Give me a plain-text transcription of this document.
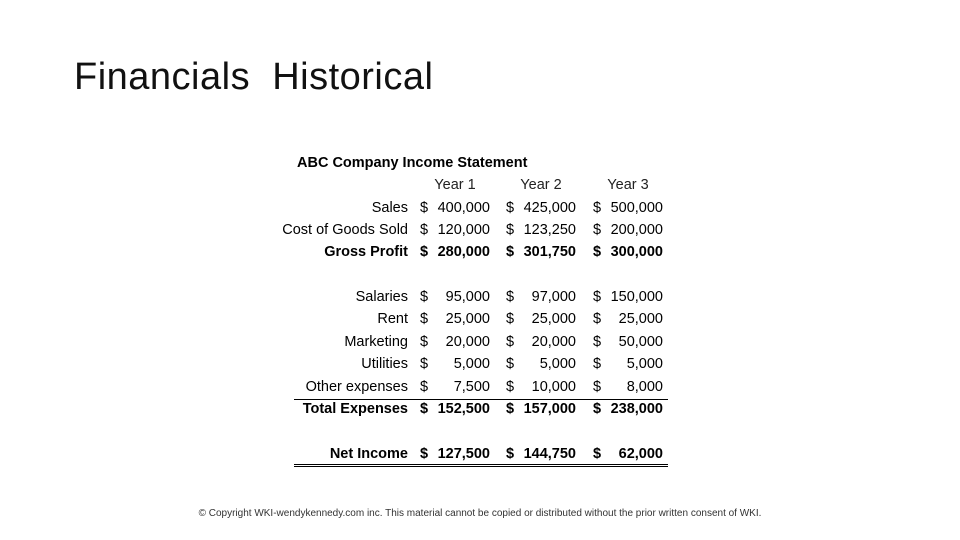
Financials  Historical
ABC Company Income Statement
Year 1	Year 2	Year 3
Sales $ 400,000 $ 425,000 $ 500,000
Cost of Goods Sold $ 120,000 $ 123,250 $ 200,000
Gross Profit $ 280,000 $ 301,750 $ 300,000
Salaries $	95,000 $	97,000 $ 150,000
Rent $	25,000 $	25,000 $	25,000
Marketing $	20,000 $	20,000 $	50,000
Utilities $	5,000 $	5,000 $	5,000
Other expenses $	7,500 $	10,000 $	8,000
Total Expenses $ 152,500 $ 157,000 $ 238,000
Net Income $ 127,500 $ 144,750 $	62,000
© Copyright WKI-wendykennedy.com inc. This material cannot be copied or distributed without the prior written consent of WKI.
